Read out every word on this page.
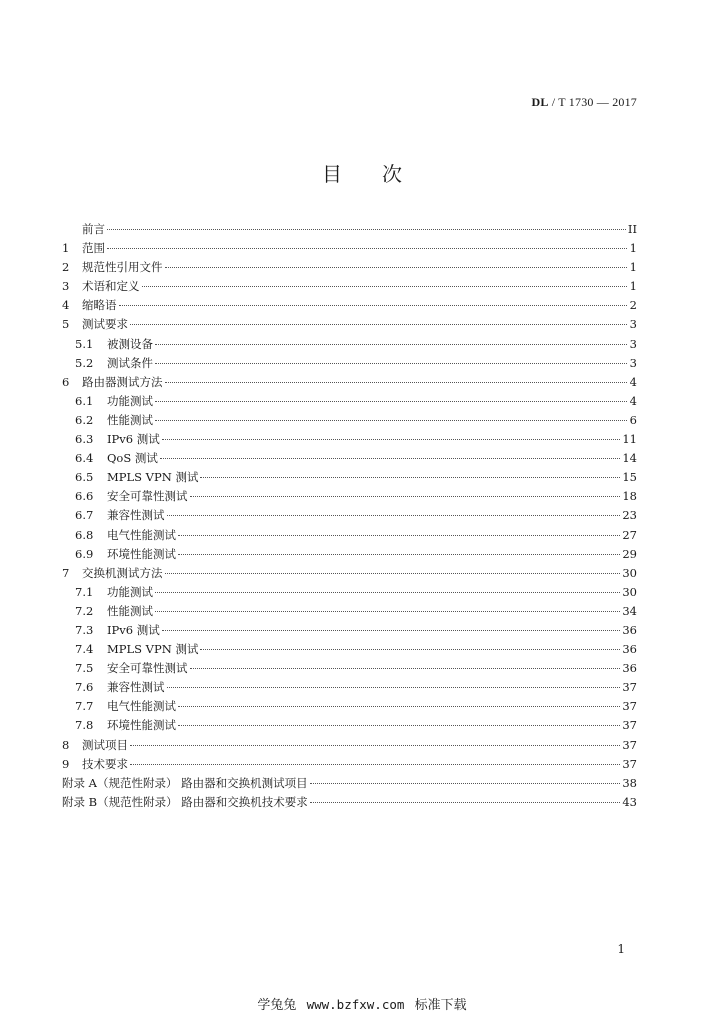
DL / T 1730 — 2017
目 次
前言	II
1	范围	1
2	规范性引用文件	1
3	术语和定义	1
4	缩略语	2
5	测试要求	3
5.1	被测设备	3
5.2	测试条件	3
6	路由器测试方法	4
6.1	功能测试	4
6.2	性能测试	6
6.3	IPv6 测试	11
6.4	QoS 测试	14
6.5	MPLS VPN 测试	15
6.6	安全可靠性测试	18
6.7	兼容性测试	23
6.8	电气性能测试	27
6.9	环境性能测试	29
7	交换机测试方法	30
7.1	功能测试	30
7.2	性能测试	34
7.3	IPv6 测试	36
7.4	MPLS VPN 测试	36
7.5	安全可靠性测试	36
7.6	兼容性测试	37
7.7	电气性能测试	37
7.8	环境性能测试	37
8	测试项目	37
9	技术要求	37
附录 A（规范性附录） 路由器和交换机测试项目	38
附录 B（规范性附录） 路由器和交换机技术要求	43
1
学兔兔 www.bzfxw.com 标准下载
